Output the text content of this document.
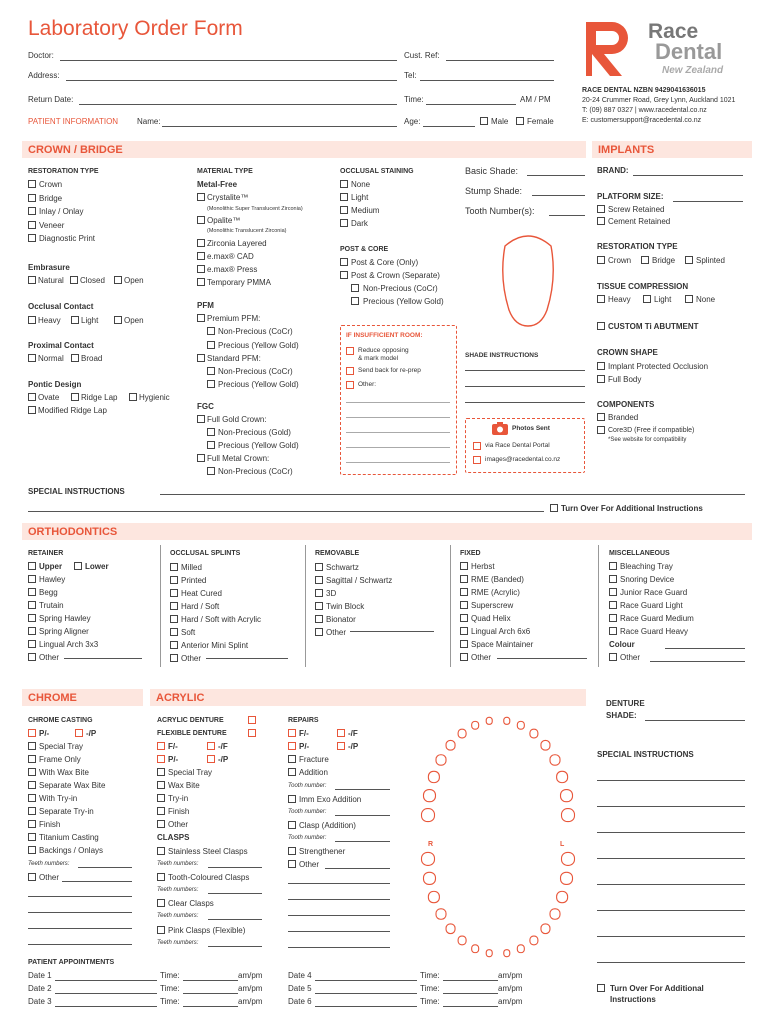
Laboratory Order Form	Race
Dental
New Zealand
Doctor:	Cust. Ref:
Address:	Tel:
Return Date:	Time:	AM / PM
PATIENT INFORMATION Name:	Age:	Male Female
RACE DENTAL NZBN 9429041636015
20-24 Crummer Road, Grey Lynn, Auckland 1021
T: (09) 887 0327 | www.racedental.co.nz
E: customersupport@racedental.co.nz
CROWN / BRIDGE	IMPLANTS
RESTORATION TYPE
Crown
Bridge
Inlay / Onlay
Veneer
Diagnostic Print
Embrasure
Natural Closed Open
Occlusal Contact
Heavy	Light	Open
Proximal Contact
Normal Broad
Pontic Design
Ovate	Ridge Lap	Hygienic
Modified Ridge Lap
MATERIAL TYPE
Metal-Free
Crystalite™
(Monolithic Super Translucent Zirconia)
Opalite™
(Monolithic Translucent Zirconia)
Zirconia Layered
e.max® CAD
e.max® Press
Temporary PMMA
PFM
Premium PFM:
Non-Precious (CoCr)
Precious (Yellow Gold)
Standard PFM:
Non-Precious (CoCr)
Precious (Yellow Gold)
FGC
Full Gold Crown:
Non-Precious (Gold)
Precious (Yellow Gold)
Full Metal Crown:
Non-Precious (CoCr)
OCCLUSAL STAINING
None
Light
Medium
Dark
POST & CORE
Post & Core (Only)
Post & Crown (Separate)
Non-Precious (CoCr)
Precious (Yellow Gold)
IF INSUFFICIENT ROOM:
Reduce opposing
& mark model
Send back for re-prep
Other:
Basic Shade:
Stump Shade:
Tooth Number(s):
SHADE INSTRUCTIONS
Photos Sent
via Race Dental Portal
images@racedental.co.nz
BRAND:
PLATFORM SIZE:
Screw Retained
Cement Retained
RESTORATION TYPE
Crown	Bridge	Splinted
TISSUE COMPRESSION
Heavy	Light	None
CUSTOM Ti ABUTMENT
CROWN SHAPE
Implant Protected Occlusion
Full Body
COMPONENTS
Branded
Core3D (Free if compatible)
*See website for compatibility
SPECIAL INSTRUCTIONS
Turn Over For Additional Instructions
ORTHODONTICS
RETAINER
Upper	Lower
Hawley
Begg
Trutain
Spring Hawley
Spring Aligner
Lingual Arch 3x3
Other
OCCLUSAL SPLINTS
Milled
Printed
Heat Cured
Hard / Soft
Hard / Soft with Acrylic
Soft
Anterior Mini Splint
Other
REMOVABLE
Schwartz
Sagittal / Schwartz
3D
Twin Block
Bionator
Other
FIXED
Herbst
RME (Banded)
RME (Acrylic)
Superscrew
Quad Helix
Lingual Arch 6x6
Space Maintainer
Other
MISCELLANEOUS
Bleaching Tray
Snoring Device
Junior Race Guard
Race Guard Light
Race Guard Medium
Race Guard Heavy
Colour
Other
CHROME	ACRYLIC
CHROME CASTING
P/-	-/P
Special Tray
Frame Only
With Wax Bite
Separate Wax Bite
With Try-in
Separate Try-in
Finish
Titanium Casting
Backings / Onlays
Teeth numbers:
Other
ACRYLIC DENTURE
FLEXIBLE DENTURE
F/-	-/F
P/-	-/P
Special Tray
Wax Bite
Try-in
Finish
Other
CLASPS
Stainless Steel Clasps
Teeth numbers:
Tooth-Coloured Clasps
Teeth numbers:
Clear Clasps
Teeth numbers:
Pink Clasps (Flexible)
Teeth numbers:
REPAIRS
F/-	-/F
P/-	-/P
Fracture
Addition
Tooth number:
Imm Exo Addition
Tooth number:
Clasp (Addition)
Tooth number:
Strengthener
Other
R	L
DENTURE
SHADE:
SPECIAL INSTRUCTIONS
Turn Over For Additional
Instructions
PATIENT APPOINTMENTS
Date 1	Time:	am/pm
Date 2	Time:	am/pm
Date 3	Time:	am/pm
Date 4	Time:	am/pm
Date 5	Time:	am/pm
Date 6	Time:	am/pm
